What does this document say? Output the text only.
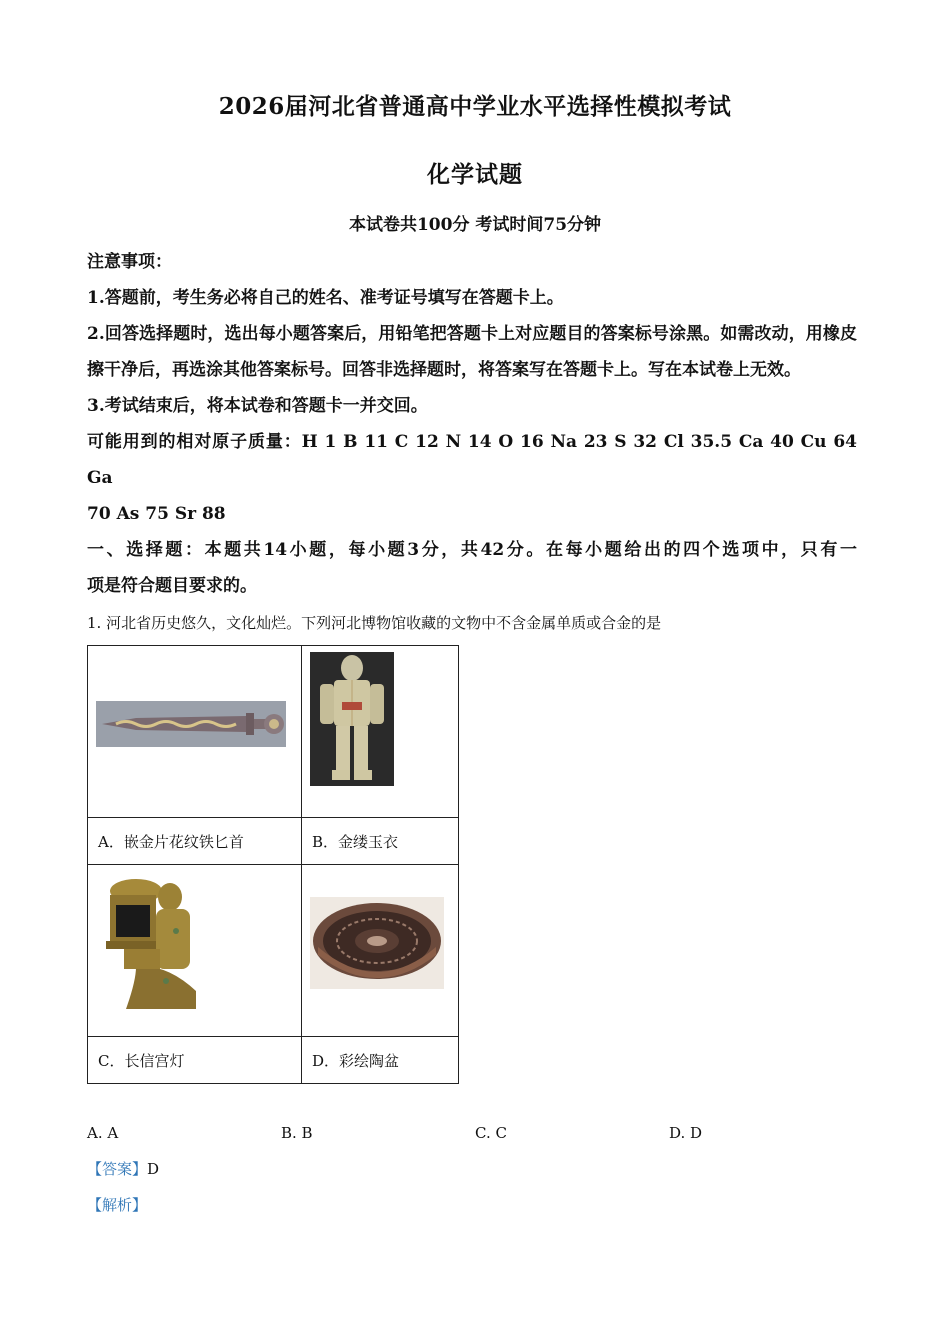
2026届河北省普通高中学业水平选择性模拟考试
化学试题
本试卷共100分 考试时间75分钟

注意事项：

1.答题前，考生务必将自己的姓名、准考证号填写在答题卡上。

2.回答选择题时，选出每小题答案后，用铅笔把答题卡上对应题目的答案标号涂黑。如需改动，用橡皮擦干净后，再选涂其他答案标号。回答非选择题时，将答案写在答题卡上。写在本试卷上无效。

3.考试结束后，将本试卷和答题卡一并交回。

可能用到的相对原子质量：H 1 B 11 C 12 N 14 O 16 Na 23 S 32 Cl 35.5 Ca 40 Cu 64 Ga

70 As 75 Sr 88

一、选择题：本题共14小题，每小题3分，共42分。在每小题给出的四个选项中，只有一

项是符合题目要求的。

1. 河北省历史悠久，文化灿烂。下列河北博物馆收藏的文物中不含金属单质或合金的是

A．嵌金片花纹铁匕首	B．金缕玉衣

C．长信宫灯	D．彩绘陶盆
A. A	B. B	C. C	D. D
【答案】D
【解析】
